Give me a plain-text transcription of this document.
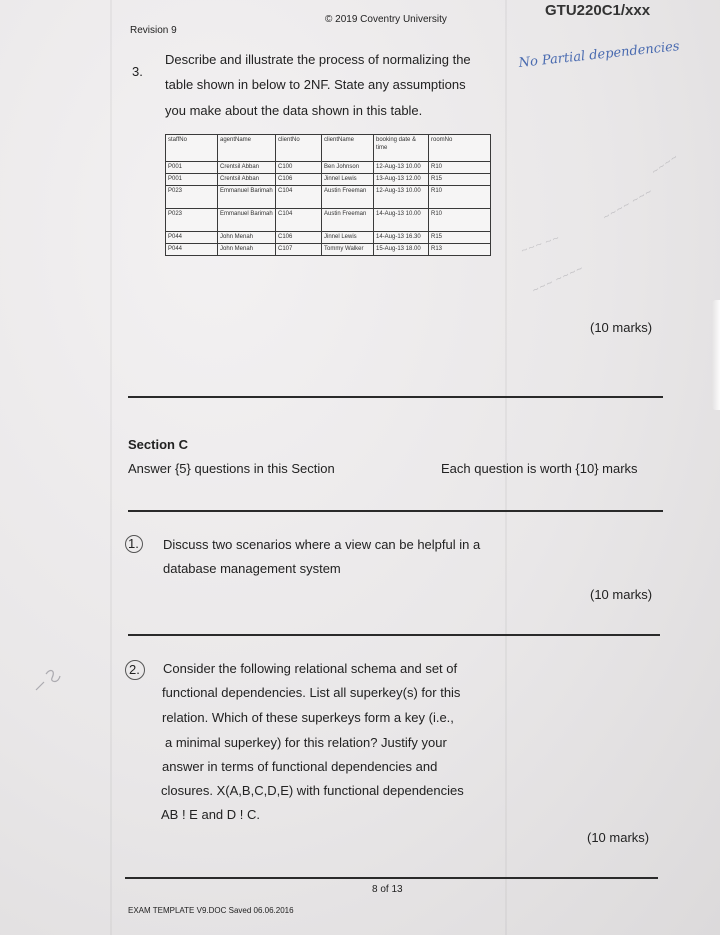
Revision 9
© 2019 Coventry University
GTU220C1/xxx
3.
Describe and illustrate the process of normalizing the
table shown in below to 2NF. State any assumptions
you make about the data shown in this table.
staffNo	agentName	clientNo	clientName	booking date & time	roomNo
P001	Crentsil Abban	C100	Ben Johnson	12-Aug-13 10.00	R10
P001	Crentsil Abban	C106	Jinnel Lewis	13-Aug-13 12.00	R15
P023	Emmanuel Barimah	C104	Austin Freeman	12-Aug-13 10.00	R10
P023	Emmanuel Barimah	C104	Austin Freeman	14-Aug-13 10.00	R10
P044	John Menah	C106	Jinnel Lewis	14-Aug-13 16.30	R15
P044	John Menah	C107	Tommy Walker	15-Aug-13 18.00	R13
No Partial dependencies
~~~ ~~
~~~ ~~~~
~~~~ ~~~
~~~~
(10 marks)
Section C
Answer {5} questions in this Section	Each question is worth {10} marks
1. Discuss two scenarios where a view can be helpful in a
database management system
(10 marks)
2. Consider the following relational schema and set of
functional dependencies. List all superkey(s) for this
relation. Which of these superkeys form a key (i.e.,
a minimal superkey) for this relation? Justify your
answer in terms of functional dependencies and
closures. X(A,B,C,D,E) with functional dependencies
AB ! E and D ! C.
(10 marks)
8 of 13
EXAM TEMPLATE V9.DOC Saved 06.06.2016
